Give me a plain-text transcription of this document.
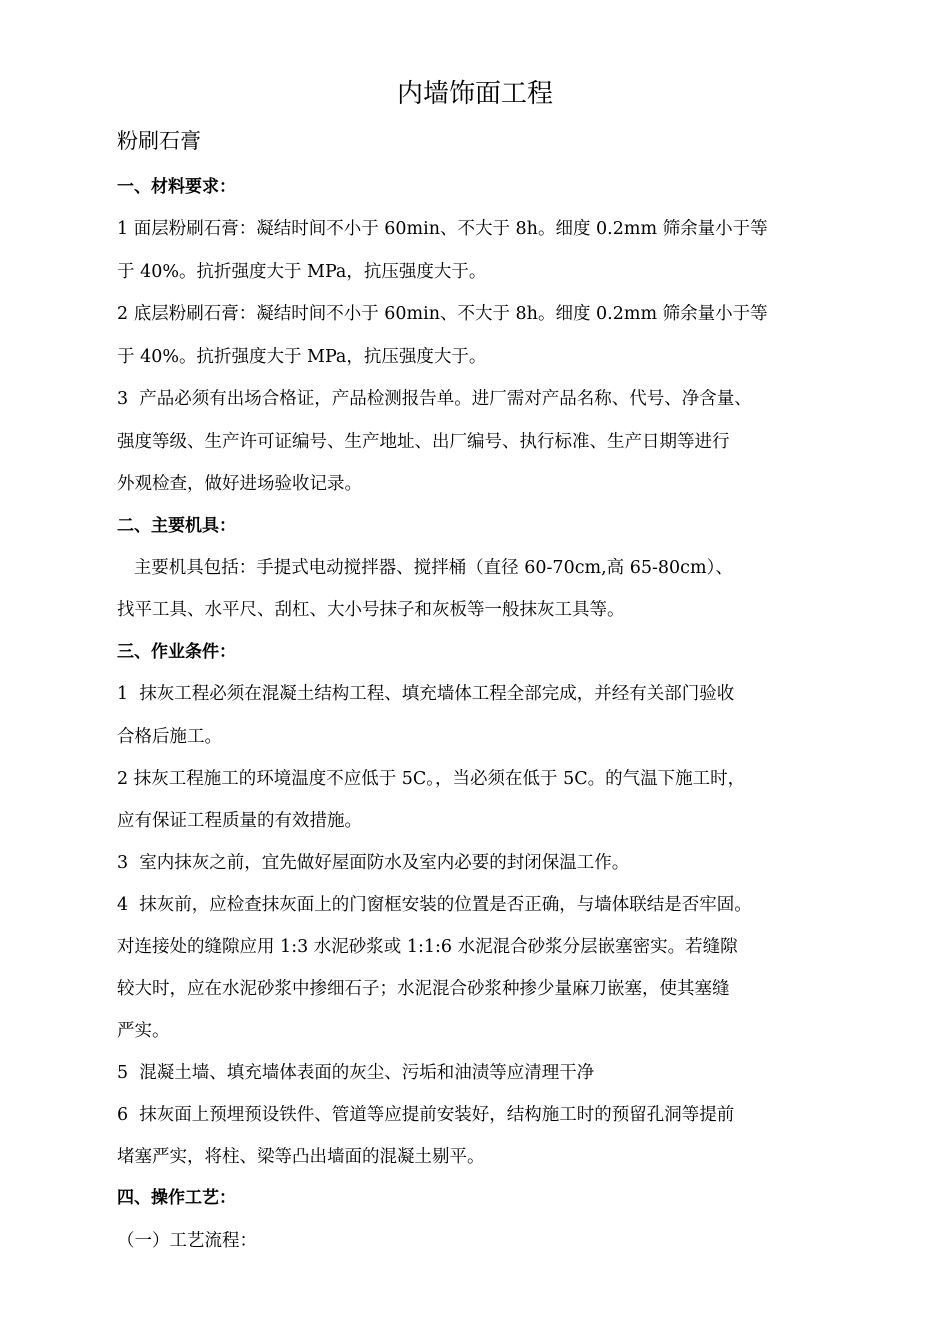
内墙饰面工程
粉刷石膏
一、材料要求：
1 面层粉刷石膏：凝结时间不小于 60min、不大于 8h。细度 0.2mm 筛余量小于等
于 40%。抗折强度大于 MPa，抗压强度大于。
2 底层粉刷石膏：凝结时间不小于 60min、不大于 8h。细度 0.2mm 筛余量小于等
于 40%。抗折强度大于 MPa，抗压强度大于。
3  产品必须有出场合格证，产品检测报告单。进厂需对产品名称、代号、净含量、
强度等级、生产许可证编号、生产地址、出厂编号、执行标准、生产日期等进行
外观检查，做好进场验收记录。
二、主要机具：
主要机具包括：手提式电动搅拌器、搅拌桶（直径 60-70cm,高 65-80cm）、
找平工具、水平尺、刮杠、大小号抹子和灰板等一般抹灰工具等。
三、作业条件：
1  抹灰工程必须在混凝土结构工程、填充墙体工程全部完成，并经有关部门验收
合格后施工。
2 抹灰工程施工的环境温度不应低于 5C。，当必须在低于 5C。的气温下施工时，
应有保证工程质量的有效措施。
3  室内抹灰之前，宜先做好屋面防水及室内必要的封闭保温工作。
4  抹灰前，应检查抹灰面上的门窗框安装的位置是否正确，与墙体联结是否牢固。
对连接处的缝隙应用 1:3 水泥砂浆或 1:1:6 水泥混合砂浆分层嵌塞密实。若缝隙
较大时，应在水泥砂浆中掺细石子；水泥混合砂浆种掺少量麻刀嵌塞，使其塞缝
严实。
5  混凝土墙、填充墙体表面的灰尘、污垢和油渍等应清理干净
6  抹灰面上预埋预设铁件、管道等应提前安装好，结构施工时的预留孔洞等提前
堵塞严实，将柱、梁等凸出墙面的混凝土剔平。
四、操作工艺：
（一）工艺流程：
